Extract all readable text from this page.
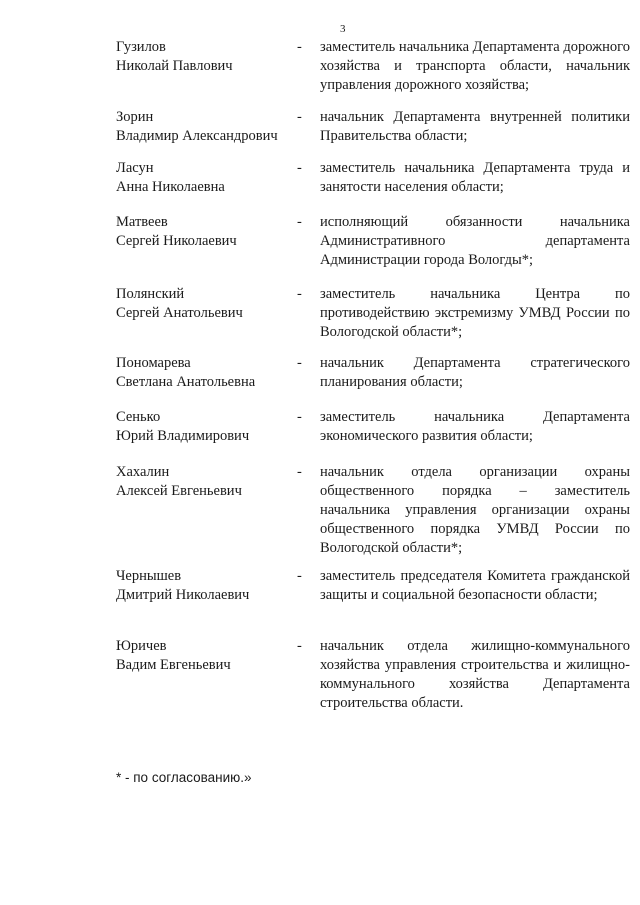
3
Гузилов
Николай Павлович
-	заместитель начальника Департамента дорожного хозяйства и транспорта области, начальник управления дорожного хозяйства;
Зорин
Владимир Александрович
-	начальник Департамента внутренней политики Правительства области;
Ласун
Анна Николаевна
-	заместитель начальника Департамента труда и занятости населения области;
Матвеев
Сергей Николаевич
-	исполняющий обязанности начальника Административного департамента Администрации города Вологды*;
Полянский
Сергей Анатольевич
-	заместитель начальника Центра по противодействию экстремизму УМВД России по Вологодской области*;
Пономарева
Светлана Анатольевна
-	начальник Департамента стратегического планирования области;
Сенько
Юрий Владимирович
-	заместитель начальника Департамента экономического развития области;
Хахалин
Алексей Евгеньевич
-	начальник отдела организации охраны общественного порядка – заместитель начальника управления организации охраны общественного порядка УМВД России по Вологодской области*;
Чернышев
Дмитрий Николаевич
-	заместитель председателя Комитета гражданской защиты и социальной безопасности области;
Юричев
Вадим Евгеньевич
-	начальник отдела жилищно-коммунального хозяйства управления строительства и жилищно-коммунального хозяйства Департамента строительства области.
* - по согласованию.»
